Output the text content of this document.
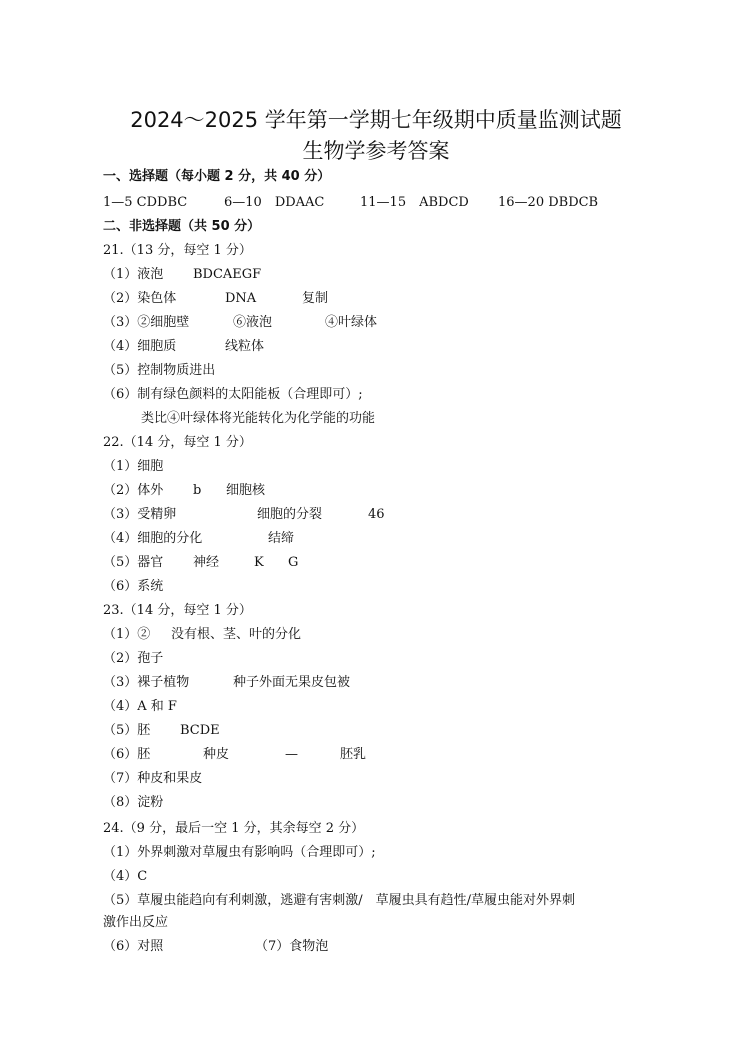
2024～2025 学年第一学期七年级期中质量监测试题
生物学参考答案
一、选择题（每小题 2 分，共 40 分）
1—5 CDDBC	6—10　DDAAC	11—15　ABDCD 16—20 DBDCB
二、非选择题（共 50 分）
21.（13 分，每空 1 分）
（1）液泡 BDCAEGF
（2）染色体	DNA	复制
（3）②细胞壁	⑥液泡	④叶绿体
（4）细胞质	线粒体
（5）控制物质进出
（6）制有绿色颜料的太阳能板（合理即可）;
类比④叶绿体将光能转化为化学能的功能
22.（14 分，每空 1 分）
（1）细胞
（2）体外 b 细胞核
（3）受精卵	细胞的分裂	46
（4）细胞的分化	结缔
（5）器官 神经	K G
（6）系统
23.（14 分，每空 1 分）
（1）② 没有根、茎、叶的分化
（2）孢子
（3）裸子植物	种子外面无果皮包被
（4）A 和 F
（5）胚 BCDE
（6）胚	种皮	—	胚乳
（7）种皮和果皮
（8）淀粉
24.（9 分，最后一空 1 分，其余每空 2 分）
（1）外界刺激对草履虫有影响吗（合理即可）;
（4）C
（5）草履虫能趋向有利刺激，逃避有害刺激/　草履虫具有趋性/草履虫能对外界刺
激作出反应
（6）对照	（7）食物泡
